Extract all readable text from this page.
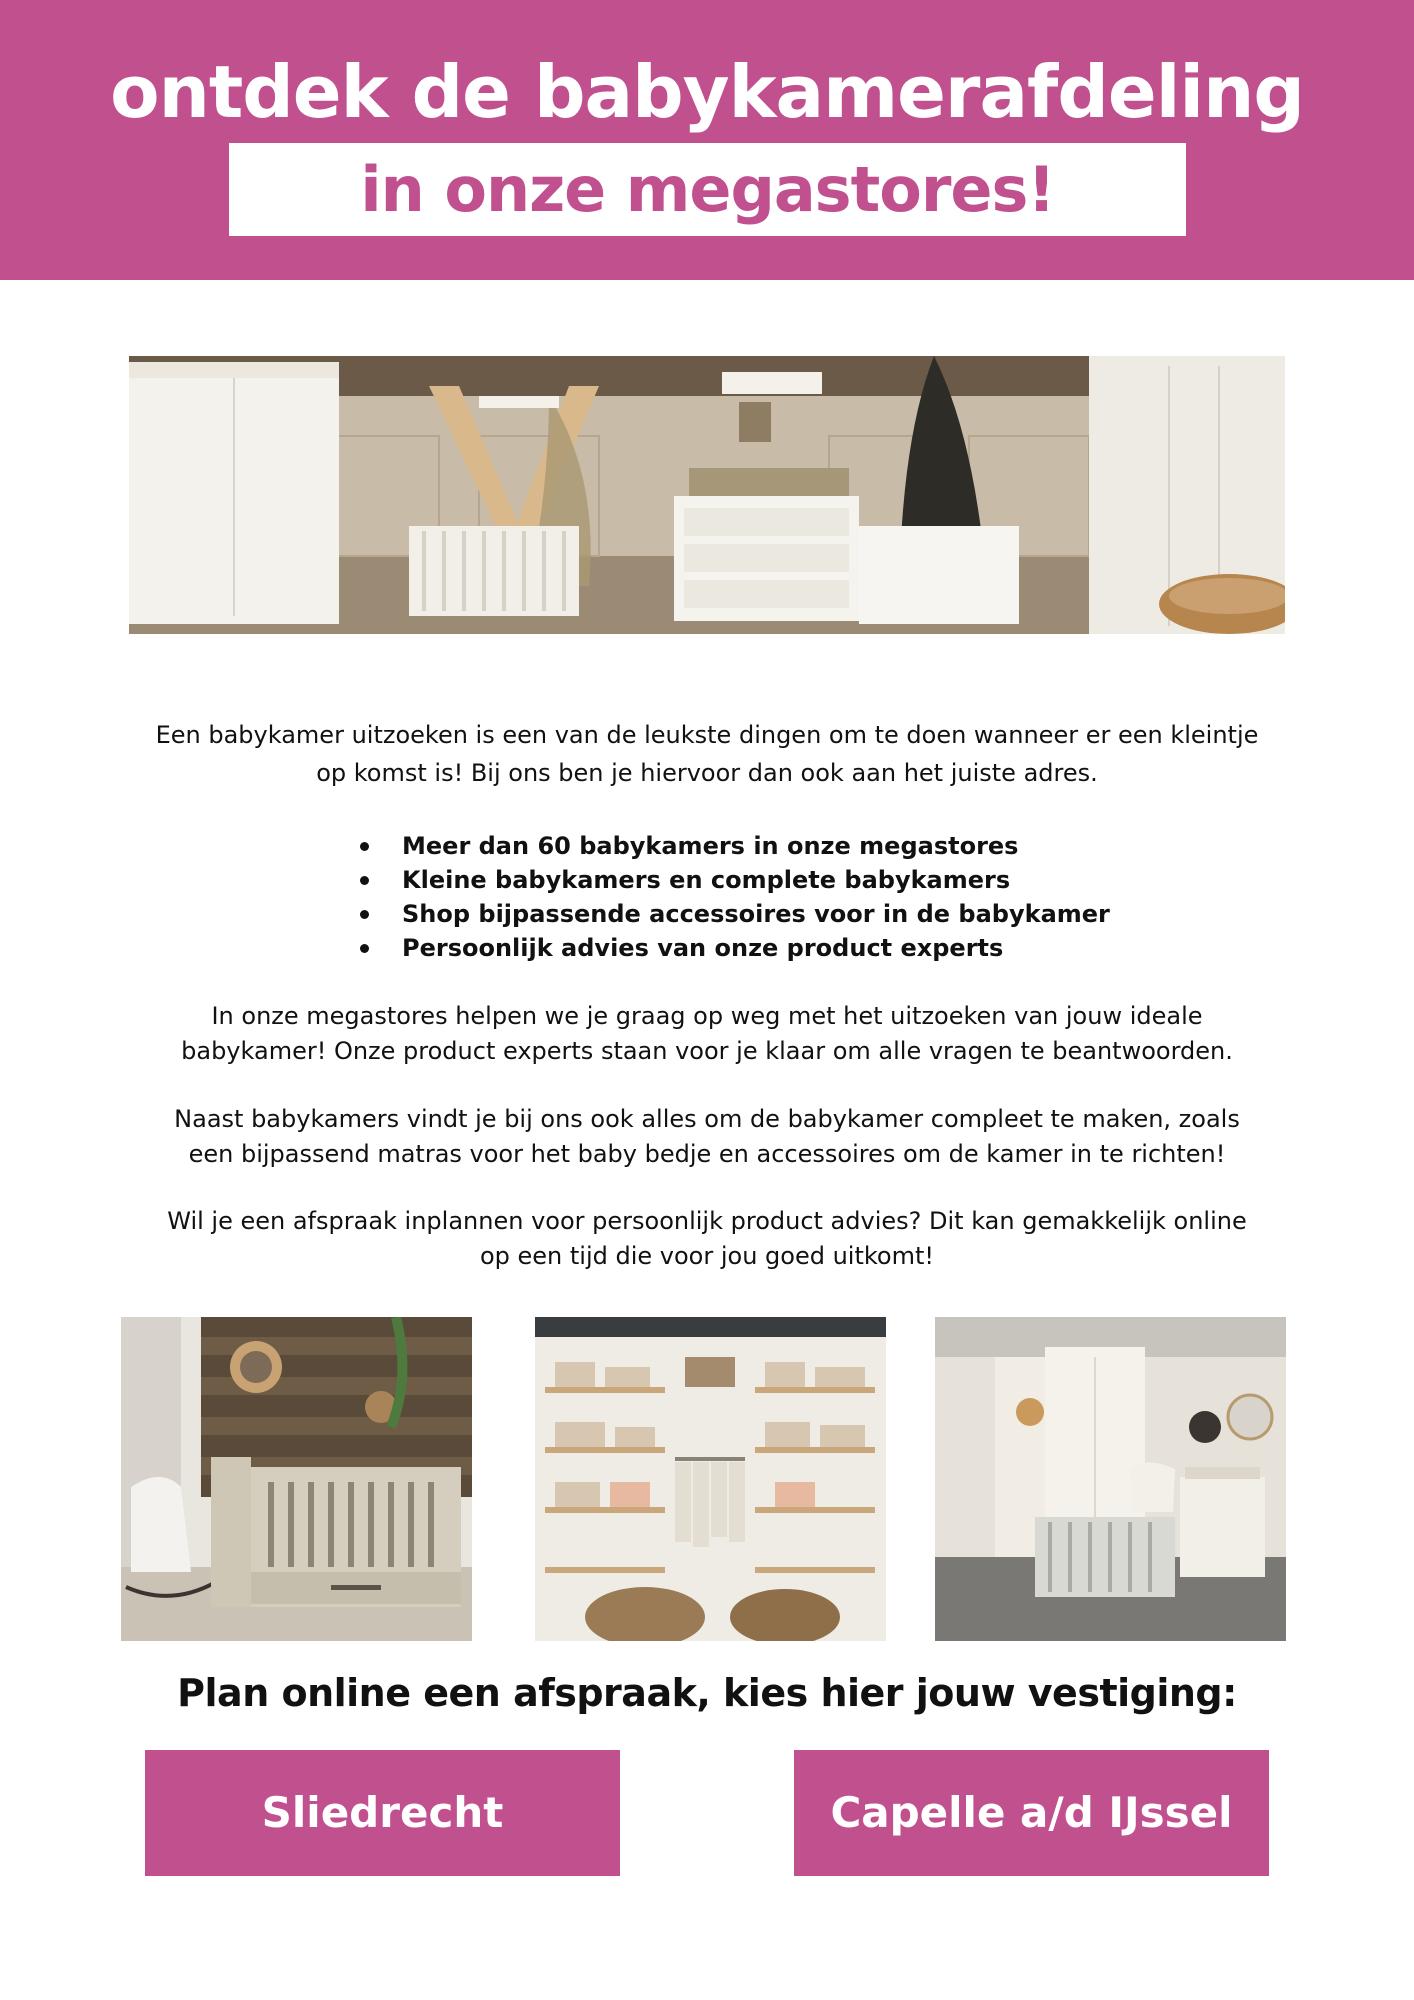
ontdek de babykamerafdeling
in onze megastores!
Een babykamer uitzoeken is een van de leukste dingen om te doen wanneer er een kleintje
op komst is! Bij ons ben je hiervoor dan ook aan het juiste adres.
Meer dan 60 babykamers in onze megastores
Kleine babykamers en complete babykamers
Shop bijpassende accessoires voor in de babykamer
Persoonlijk advies van onze product experts
In onze megastores helpen we je graag op weg met het uitzoeken van jouw ideale
babykamer! Onze product experts staan voor je klaar om alle vragen te beantwoorden.
Naast babykamers vindt je bij ons ook alles om de babykamer compleet te maken, zoals
een bijpassend matras voor het baby bedje en accessoires om de kamer in te richten!
Wil je een afspraak inplannen voor persoonlijk product advies? Dit kan gemakkelijk online
op een tijd die voor jou goed uitkomt!
Plan online een afspraak, kies hier jouw vestiging:
Sliedrecht	Capelle a/d IJssel
